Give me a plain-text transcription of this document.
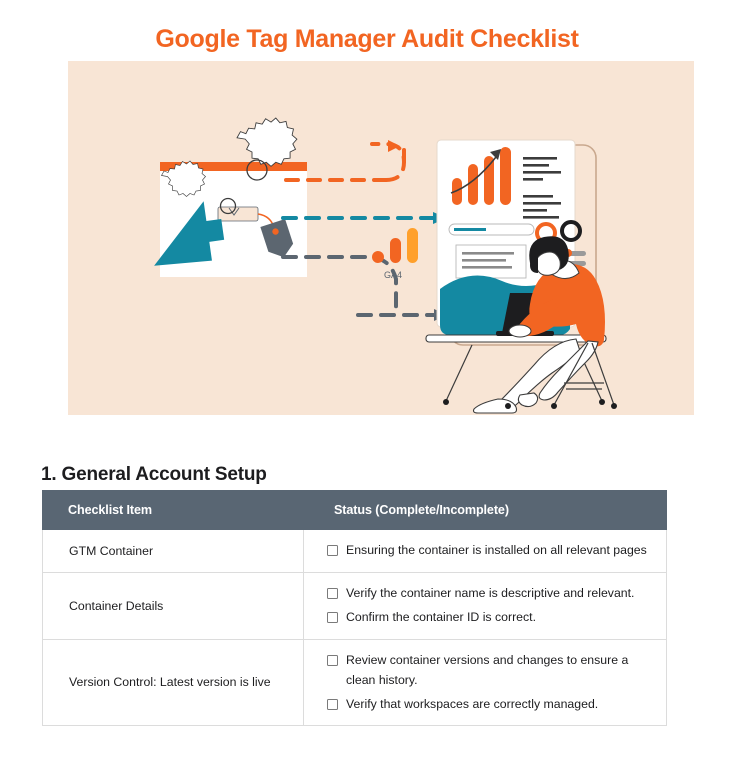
Google Tag Manager Audit Checklist
GA4
1. General Account Setup
Checklist Item	Status (Complete/Incomplete)
GTM Container	Ensuring the container is installed on all relevant pages

Container Details	Verify the container name is descriptive and relevant.
Confirm the container ID is correct.

Version Control: Latest version is live	Review container versions and changes to ensure a clean history.
Verify that workspaces are correctly managed.
